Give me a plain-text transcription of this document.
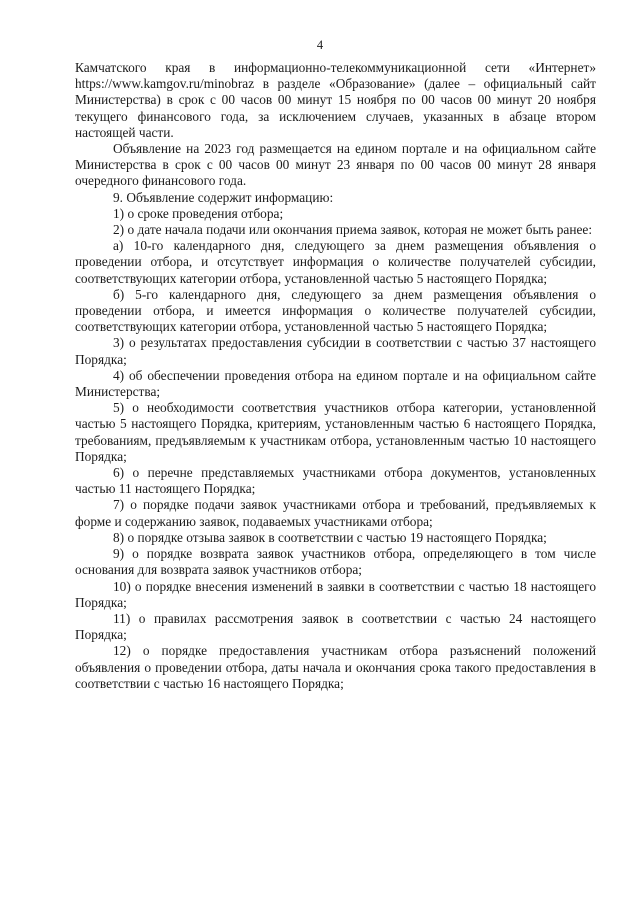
4

Камчатского края в информационно-телекоммуникационной сети «Интернет» https://www.kamgov.ru/minobraz в разделе «Образование» (далее – официальный сайт Министерства) в срок с 00 часов 00 минут 15 ноября по 00 часов 00 минут 20 ноября текущего финансового года, за исключением случаев, указанных в абзаце втором настоящей части.

Объявление на 2023 год размещается на едином портале и на официальном сайте Министерства в срок с 00 часов 00 минут 23 января по 00 часов 00 минут 28 января очередного финансового года.

9. Объявление содержит информацию:

1) о сроке проведения отбора;

2) о дате начала подачи или окончания приема заявок, которая не может быть ранее:

а) 10-го календарного дня, следующего за днем размещения объявления о проведении отбора, и отсутствует информация о количестве получателей субсидии, соответствующих категории отбора, установленной частью 5 настоящего Порядка;

б) 5-го календарного дня, следующего за днем размещения объявления о проведении отбора, и имеется информация о количестве получателей субсидии, соответствующих категории отбора, установленной частью 5 настоящего Порядка;

3) о результатах предоставления субсидии в соответствии с частью 37 настоящего Порядка;

4) об обеспечении проведения отбора на едином портале и на официальном сайте Министерства;

5) о необходимости соответствия участников отбора категории, установленной частью 5 настоящего Порядка, критериям, установленным частью 6 настоящего Порядка, требованиям, предъявляемым к участникам отбора, установленным частью 10 настоящего Порядка;

6) о перечне представляемых участниками отбора документов, установленных частью 11 настоящего Порядка;

7) о порядке подачи заявок участниками отбора и требований, предъявляемых к форме и содержанию заявок, подаваемых участниками отбора;

8) о порядке отзыва заявок в соответствии с частью 19 настоящего Порядка;

9) о порядке возврата заявок участников отбора, определяющего в том числе основания для возврата заявок участников отбора;

10) о порядке внесения изменений в заявки в соответствии с частью 18 настоящего Порядка;

11) о правилах рассмотрения заявок в соответствии с частью 24 настоящего Порядка;

12) о порядке предоставления участникам отбора разъяснений положений объявления о проведении отбора, даты начала и окончания срока такого предоставления в соответствии с частью 16 настоящего Порядка;
